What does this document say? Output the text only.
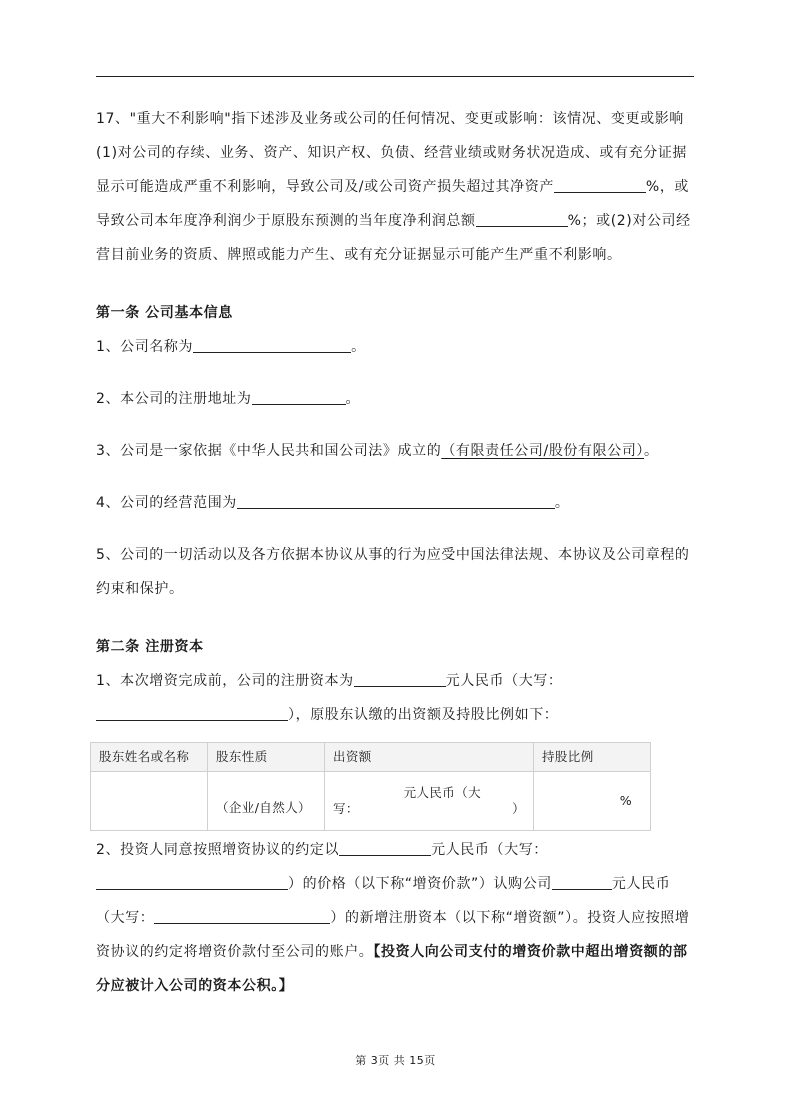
17、"重大不利影响"指下述涉及业务或公司的任何情况、变更或影响：该情况、变更或影响(1)对公司的存续、业务、资产、知识产权、负债、经营业绩或财务状况造成、或有充分证据显示可能造成严重不利影响，导致公司及/或公司资产损失超过其净资产	%，或导致公司本年度净利润少于原股东预测的当年度净利润总额	%；或(2)对公司经营目前业务的资质、牌照或能力产生、或有充分证据显示可能产生严重不利影响。

第一条 公司基本信息

1、公司名称为	。

2、本公司的注册地址为	。

3、公司是一家依据《中华人民共和国公司法》成立的（有限责任公司/股份有限公司）。

4、公司的经营范围为	。

5、公司的一切活动以及各方依据本协议从事的行为应受中国法律法规、本协议及公司章程的约束和保护。

第二条 注册资本

1、本次增资完成前，公司的注册资本为	元人民币（大写：），原股东认缴的出资额及持股比例如下：

股东姓名或名称	股东性质	出资额	持股比例
	（企业/自然人）	元人民币（大
写： ）	%

2、投资人同意按照增资协议的约定以	元人民币（大写：）的价格（以下称“增资价款”）认购公司	元人民币（大写：	）的新增注册资本（以下称“增资额”）。投资人应按照增资协议的约定将增资价款付至公司的账户。【投资人向公司支付的增资价款中超出增资额的部分应被计入公司的资本公积。】

第 3页 共 15页
